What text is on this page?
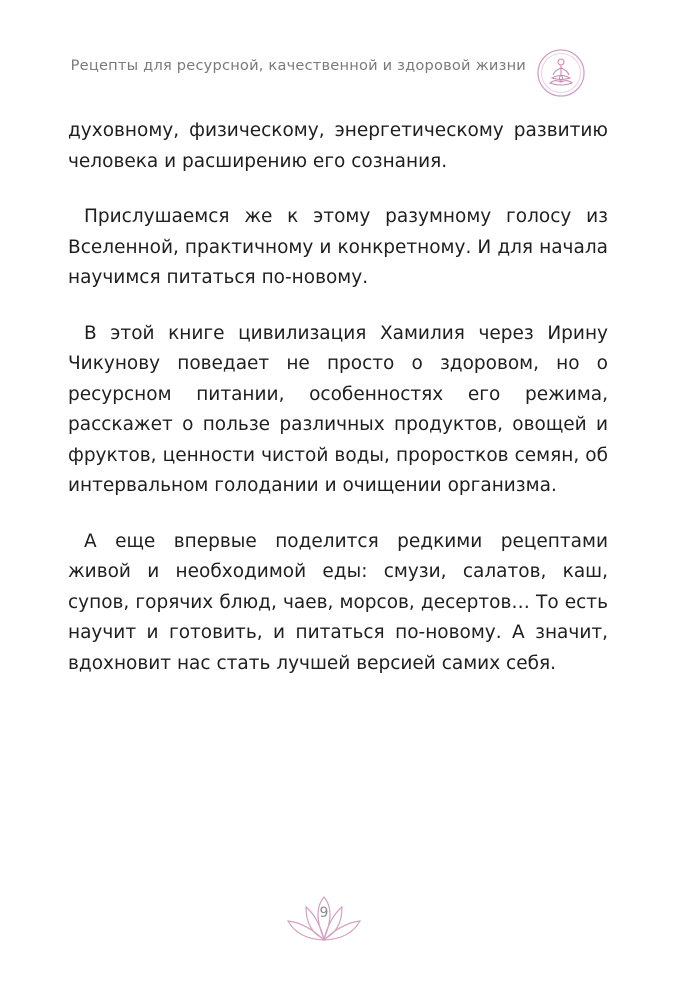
Рецепты для ресурсной, качественной и здоровой жизни

духовному, физическому, энергетическому развитию человека и расширению его сознания.

Прислушаемся же к этому разумному голосу из Вселенной, практичному и конкретному. И для начала научимся питаться по-новому.

В этой книге цивилизация Хамилия через Ирину Чикунову поведает не просто о здоровом, но о ресурсном питании, особенностях его режима, расскажет о пользе различных продуктов, овощей и фруктов, ценности чистой воды, проростков семян, об интервальном голодании и очищении организма.

А еще впервые поделится редкими рецептами живой и необходимой еды: смузи, салатов, каш, супов, горячих блюд, чаев, морсов, десертов… То есть научит и готовить, и питаться по-новому. А значит, вдохновит нас стать лучшей версией самих себя.

9
